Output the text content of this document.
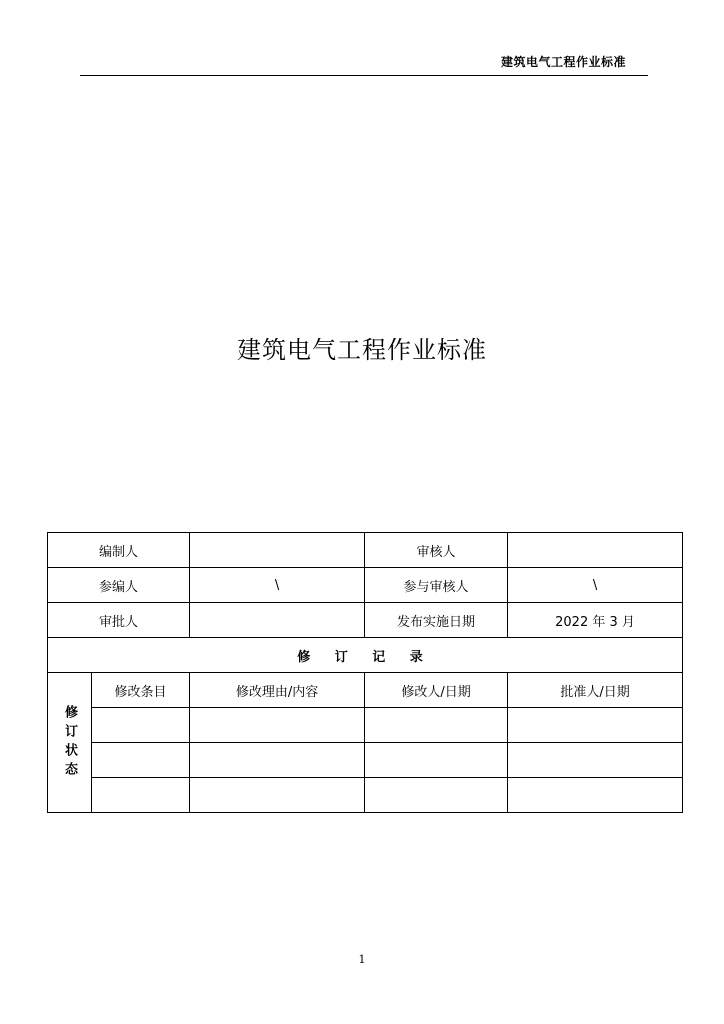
建筑电气工程作业标准
建筑电气工程作业标准
编制人			审核人	
参编人		\	参与审核人	\
审批人			发布实施日期	2022 年 3 月
修 订 记 录				
修订状态	修改条目	修改理由/内容	修改人/日期	批准人/日期

1
